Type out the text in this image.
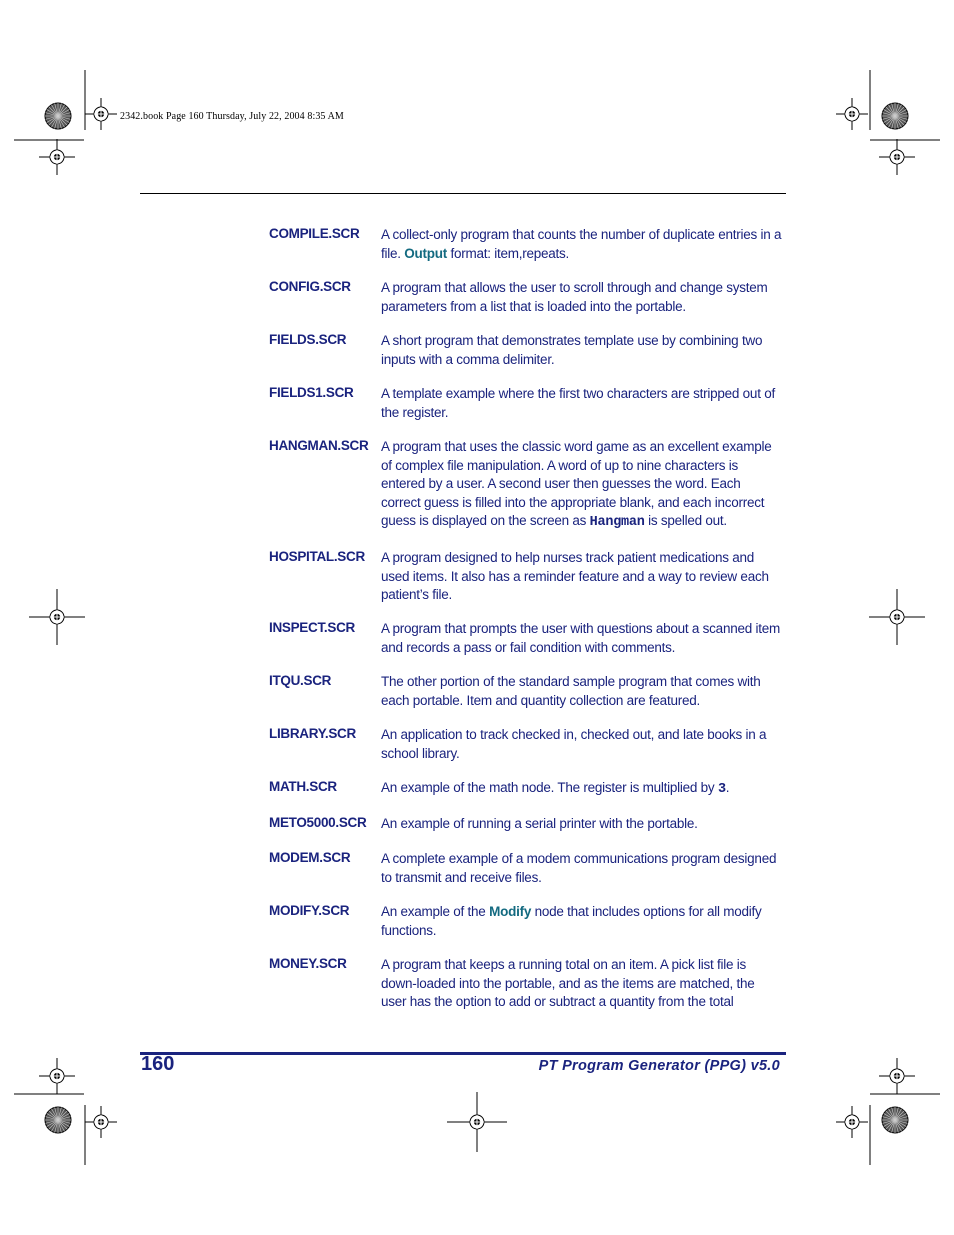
2342.book Page 160 Thursday, July 22, 2004 8:35 AM
COMPILE.SCR A collect-only program that counts the number of duplicate entries in a file. Output format: item,repeats.
CONFIG.SCR A program that allows the user to scroll through and change system parameters from a list that is loaded into the portable.
FIELDS.SCR	A short program that demonstrates template use by combining two inputs with a comma delimiter.
FIELDS1.SCR A template example where the first two characters are stripped out of the register.
HANGMAN.SCR A program that uses the classic word game as an excellent example of complex file manipulation. A word of up to nine characters is entered by a user. A second user then guesses the word. Each correct guess is filled into the appropriate blank, and each incorrect guess is displayed on the screen as Hangman is spelled out.
HOSPITAL.SCR A program designed to help nurses track patient medications and used items. It also has a reminder feature and a way to review each patient’s file.
INSPECT.SCR A program that prompts the user with questions about a scanned item and records a pass or fail condition with comments.
ITQU.SCR	The other portion of the standard sample program that comes with each portable. Item and quantity collection are featured.
LIBRARY.SCR An application to track checked in, checked out, and late books in a school library.
MATH.SCR	An example of the math node. The register is multiplied by 3.
METO5000.SCR An example of running a serial printer with the portable.
MODEM.SCR A complete example of a modem communications program designed to transmit and receive files.
MODIFY.SCR An example of the Modify node that includes options for all modify functions.
MONEY.SCR	A program that keeps a running total on an item. A pick list file is down-loaded into the portable, and as the items are matched, the user has the option to add or subtract a quantity from the total
160	PT Program Generator (PPG) v5.0
